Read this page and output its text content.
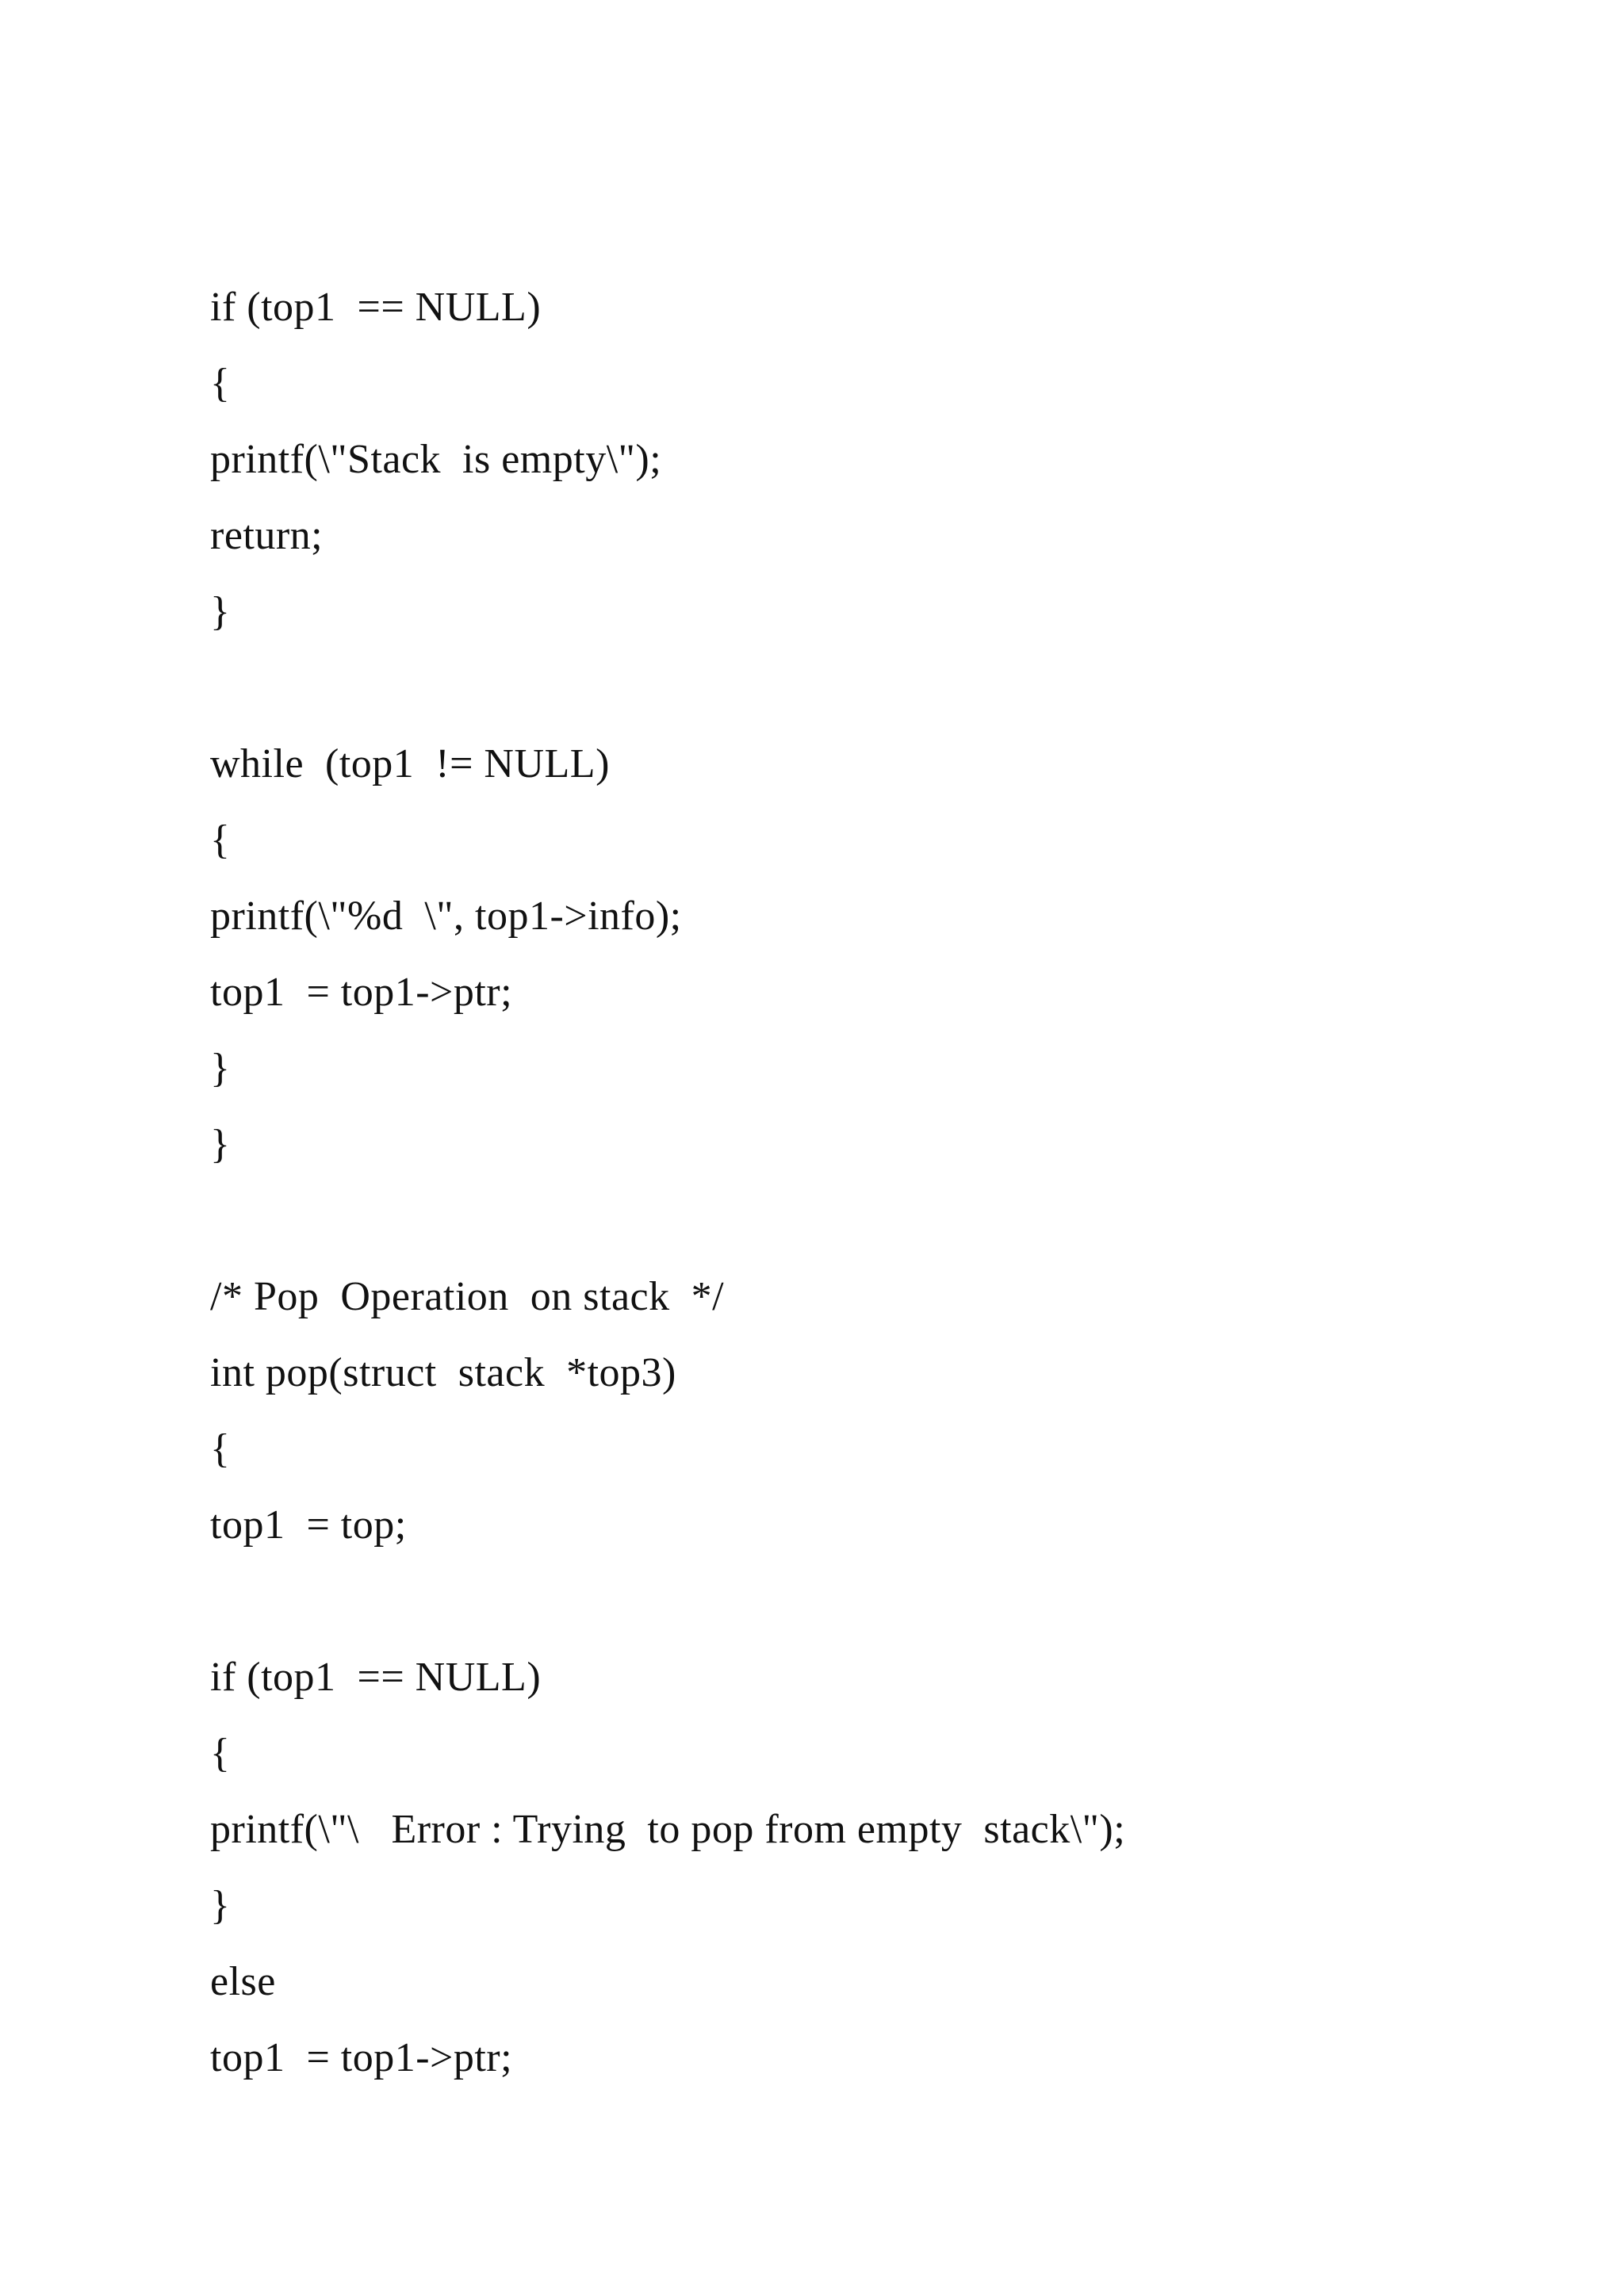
if (top1  == NULL)
{
printf(\"Stack  is empty\");
return;
}
while  (top1  != NULL)
{
printf(\"%d  \", top1->info);
top1  = top1->ptr;
}
}
/* Pop  Operation  on stack  */
int pop(struct  stack  *top3)
{
top1  = top;
if (top1  == NULL)
{
printf(\"\   Error : Trying  to pop from empty  stack\");
}
else
top1  = top1->ptr;
